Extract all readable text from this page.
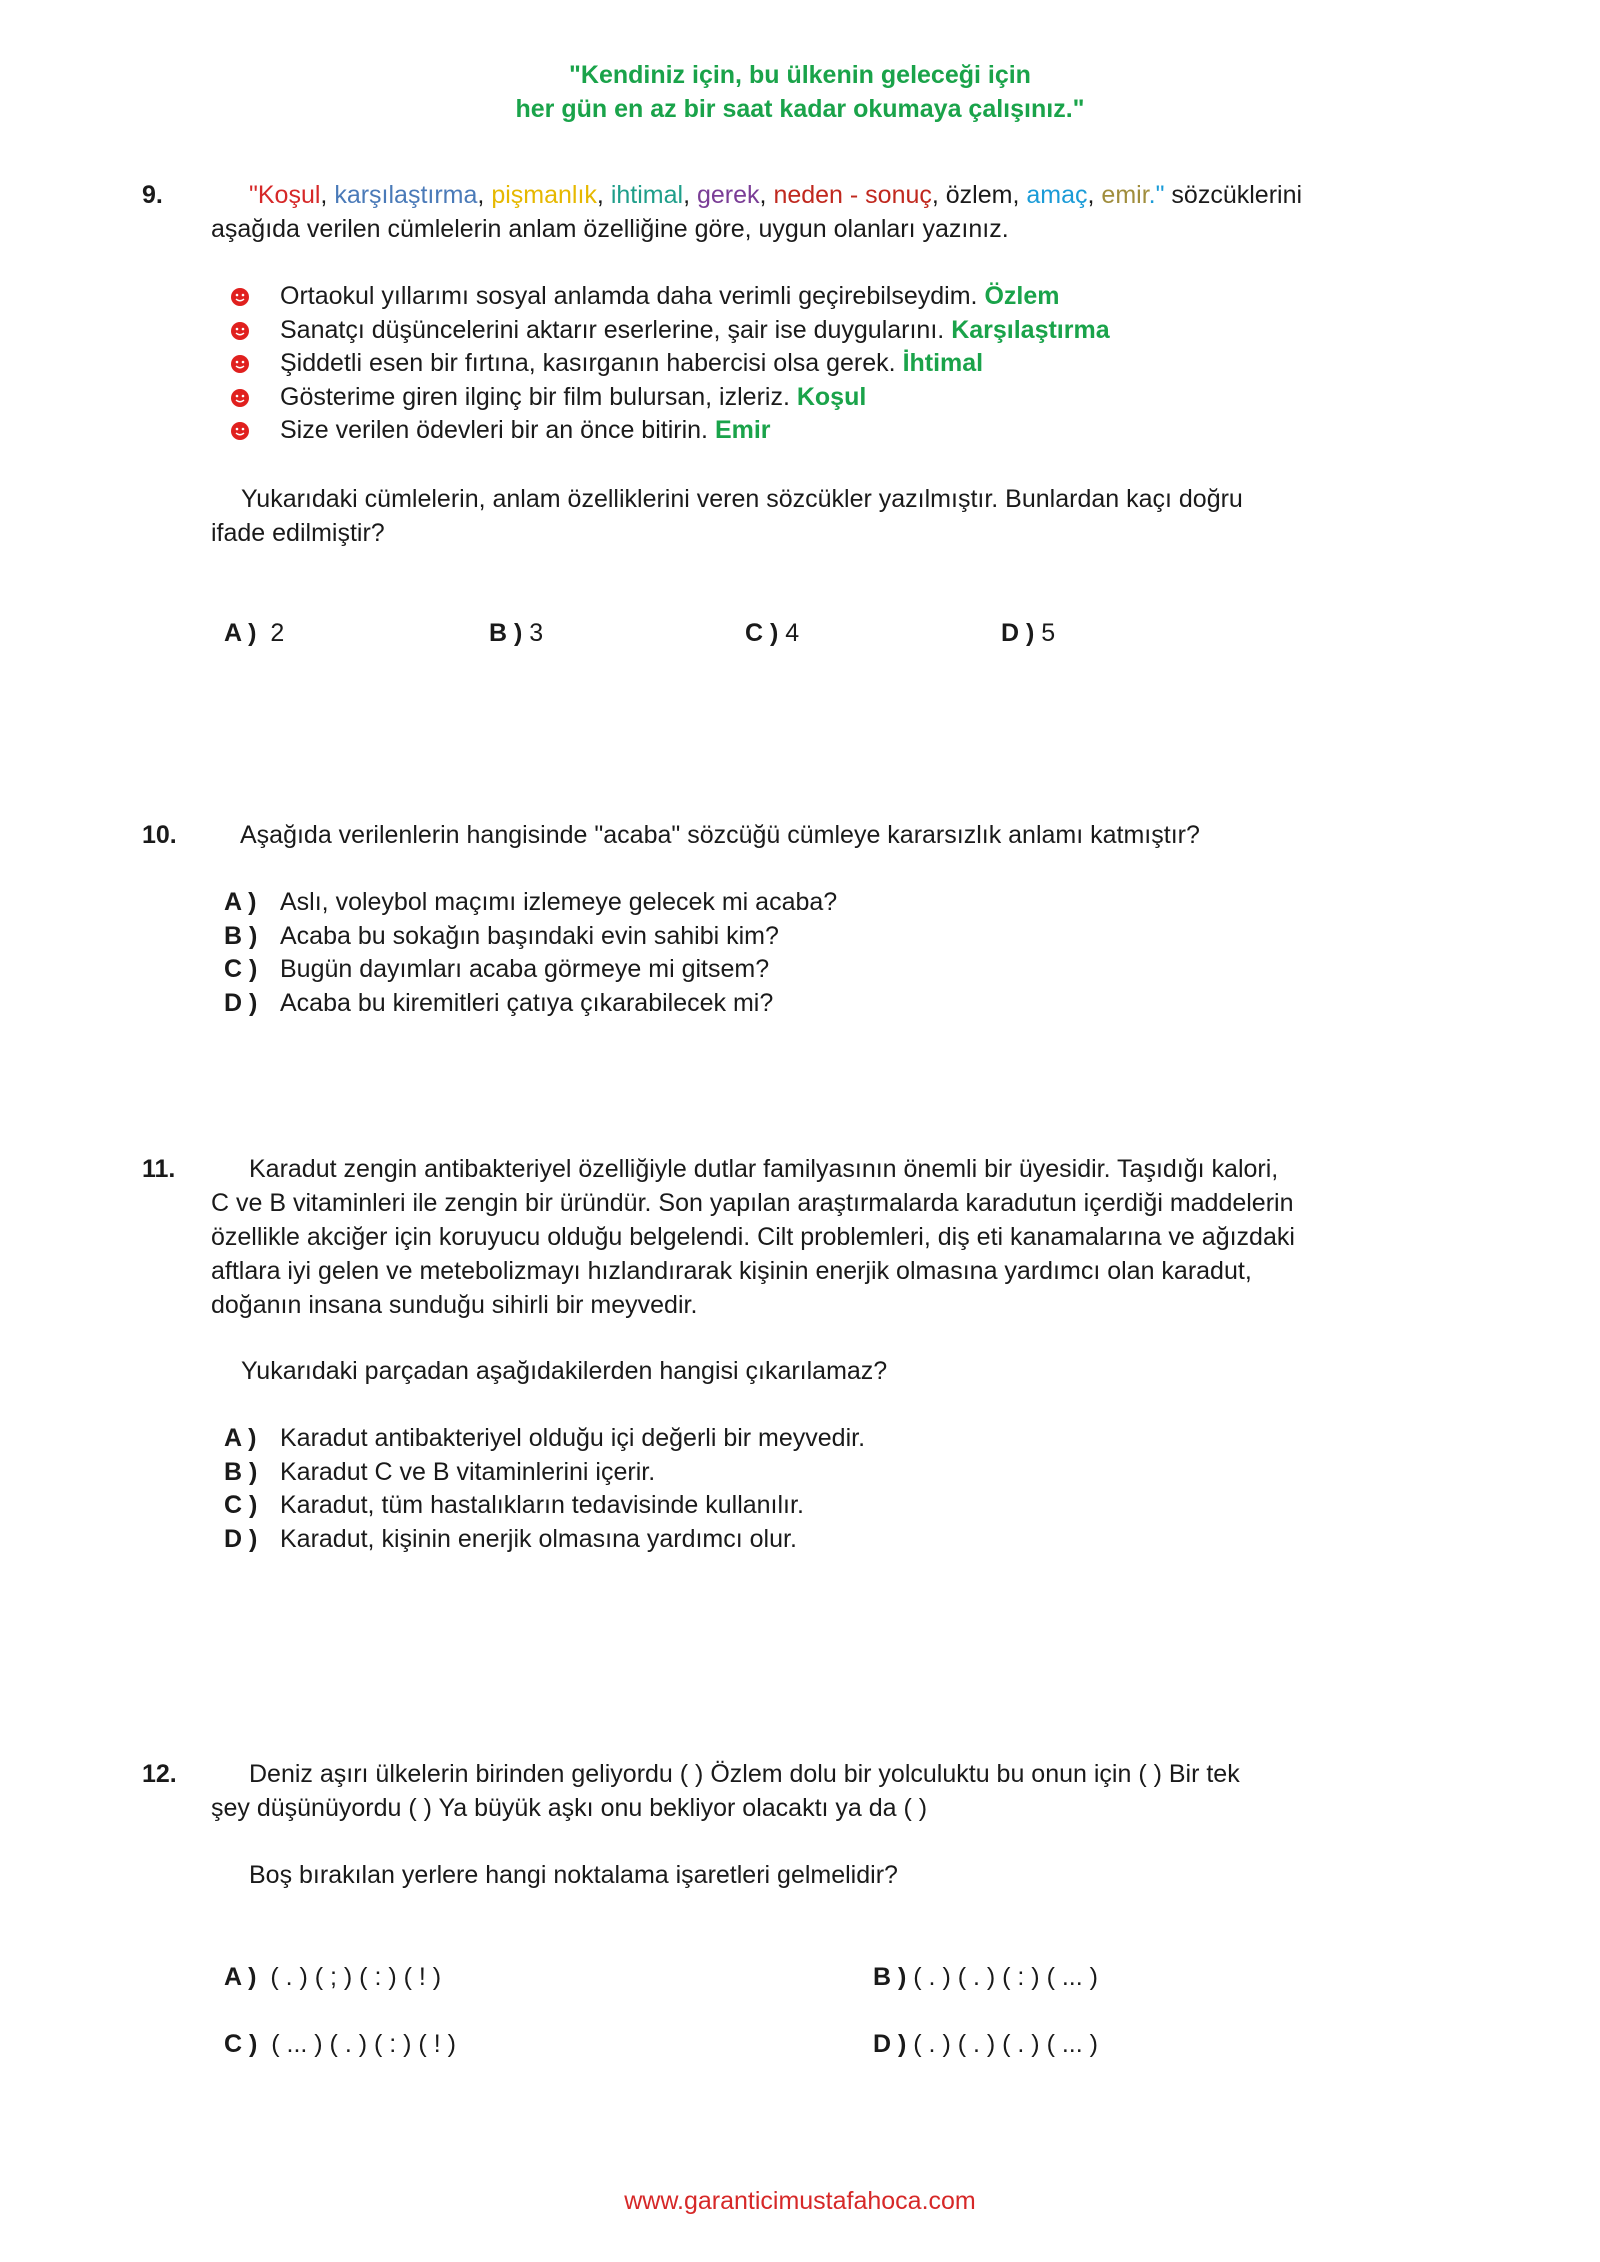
"Kendiniz için, bu ülkenin geleceği için
her gün en az bir saat kadar okumaya çalışınız."
9.	"Koşul, karşılaştırma, pişmanlık, ihtimal, gerek, neden - sonuç, özlem, amaç, emir." sözcüklerini
aşağıda verilen cümlelerin anlam özelliğine göre, uygun olanları yazınız.
Ortaokul yıllarımı sosyal anlamda daha verimli geçirebilseydim. Özlem
Sanatçı düşüncelerini aktarır eserlerine, şair ise duygularını. Karşılaştırma
Şiddetli esen bir fırtına, kasırganın habercisi olsa gerek. İhtimal
Gösterime giren ilginç bir film bulursan, izleriz. Koşul
Size verilen ödevleri bir an önce bitirin. Emir
Yukarıdaki cümlelerin, anlam özelliklerini veren sözcükler yazılmıştır. Bunlardan kaçı doğru
ifade edilmiştir?
A ) 2	B ) 3	C ) 4	D ) 5
10.	Aşağıda verilenlerin hangisinde "acaba" sözcüğü cümleye kararsızlık anlamı katmıştır?
A ) Aslı, voleybol maçımı izlemeye gelecek mi acaba?
B ) Acaba bu sokağın başındaki evin sahibi kim?
C ) Bugün dayımları acaba görmeye mi gitsem?
D ) Acaba bu kiremitleri çatıya çıkarabilecek mi?
11.	Karadut zengin antibakteriyel özelliğiyle dutlar familyasının önemli bir üyesidir. Taşıdığı kalori,
C ve B vitaminleri ile zengin bir üründür. Son yapılan araştırmalarda karadutun içerdiği maddelerin
özellikle akciğer için koruyucu olduğu belgelendi. Cilt problemleri, diş eti kanamalarına ve ağızdaki
aftlara iyi gelen ve metebolizmayı hızlandırarak kişinin enerjik olmasına yardımcı olan karadut,
doğanın insana sunduğu sihirli bir meyvedir.
Yukarıdaki parçadan aşağıdakilerden hangisi çıkarılamaz?
A ) Karadut antibakteriyel olduğu içi değerli bir meyvedir.
B ) Karadut C ve B vitaminlerini içerir.
C ) Karadut, tüm hastalıkların tedavisinde kullanılır.
D ) Karadut, kişinin enerjik olmasına yardımcı olur.
12.	Deniz aşırı ülkelerin birinden geliyordu ( ) Özlem dolu bir yolculuktu bu onun için ( ) Bir tek
şey düşünüyordu ( ) Ya büyük aşkı onu bekliyor olacaktı ya da ( )
Boş bırakılan yerlere hangi noktalama işaretleri gelmelidir?
A ) ( . ) ( ; ) ( : ) ( ! )	B ) ( . ) ( . ) ( : ) ( ... )
C ) ( ... ) ( . ) ( : ) ( ! )	D ) ( . ) ( . ) ( . ) ( ... )
www.garanticimustafahoca.com
